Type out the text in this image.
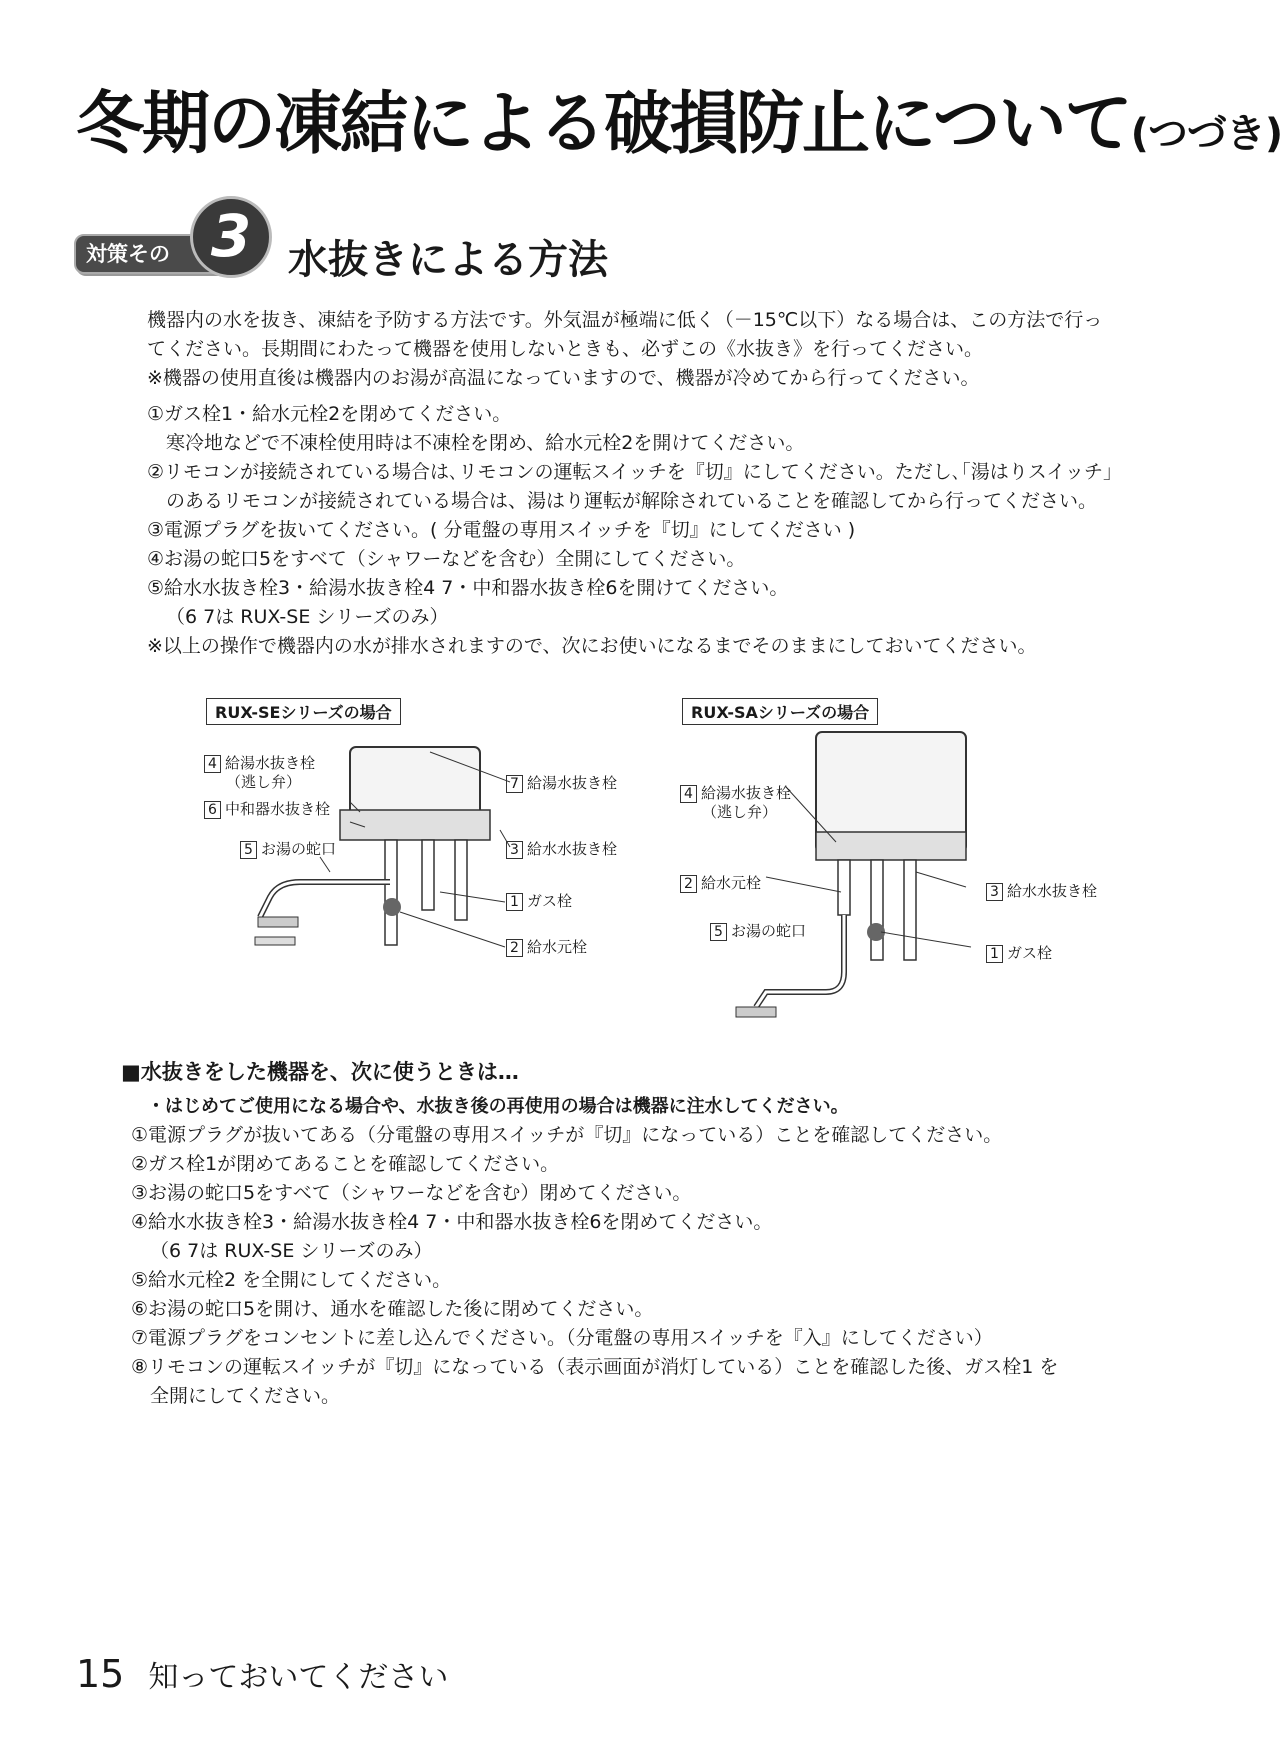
冬期の凍結による破損防止について(つづき)
対策その 3 水抜きによる方法
機器内の水を抜き、凍結を予防する方法です。外気温が極端に低く（－15℃以下）なる場合は、この方法で行っ
てください。長期間にわたって機器を使用しないときも、必ずこの《水抜き》を行ってください。
※機器の使用直後は機器内のお湯が高温になっていますので、機器が冷めてから行ってください。
①ガス栓1・給水元栓2を閉めてください。
寒冷地などで不凍栓使用時は不凍栓を閉め、給水元栓2を開けてください。
②リモコンが接続されている場合は､リモコンの運転スイッチを『切』にしてください。ただし､｢湯はりスイッチ｣
のあるリモコンが接続されている場合は、湯はり運転が解除されていることを確認してから行ってください。
③電源プラグを抜いてください。( 分電盤の専用スイッチを『切』にしてください )
④お湯の蛇口5をすべて（シャワーなどを含む）全開にしてください。
⑤給水水抜き栓3・給湯水抜き栓4 7・中和器水抜き栓6を開けてください。
（6 7は RUX-SE シリーズのみ）
※以上の操作で機器内の水が排水されますので、次にお使いになるまでそのままにしておいてください。
RUX-SEシリーズの場合
4 給湯水抜き栓
（逃し弁）
6 中和器水抜き栓
5 お湯の蛇口
7 給湯水抜き栓
3 給水水抜き栓
1 ガス栓
2 給水元栓
RUX-SAシリーズの場合
4 給湯水抜き栓
（逃し弁）
2 給水元栓
5 お湯の蛇口
3 給水水抜き栓
1 ガス栓
■水抜きをした機器を、次に使うときは…
・はじめてご使用になる場合や、水抜き後の再使用の場合は機器に注水してください。
①電源プラグが抜いてある（分電盤の専用スイッチが『切』になっている）ことを確認してください。
②ガス栓1が閉めてあることを確認してください。
③お湯の蛇口5をすべて（シャワーなどを含む）閉めてください。
④給水水抜き栓3・給湯水抜き栓4 7・中和器水抜き栓6を閉めてください。
（6 7は RUX-SE シリーズのみ）
⑤給水元栓2 を全開にしてください。
⑥お湯の蛇口5を開け、通水を確認した後に閉めてください。
⑦電源プラグをコンセントに差し込んでください。（分電盤の専用スイッチを『入』にしてください）
⑧リモコンの運転スイッチが『切』になっている（表示画面が消灯している）ことを確認した後、ガス栓1 を
全開にしてください。
15 知っておいてください
